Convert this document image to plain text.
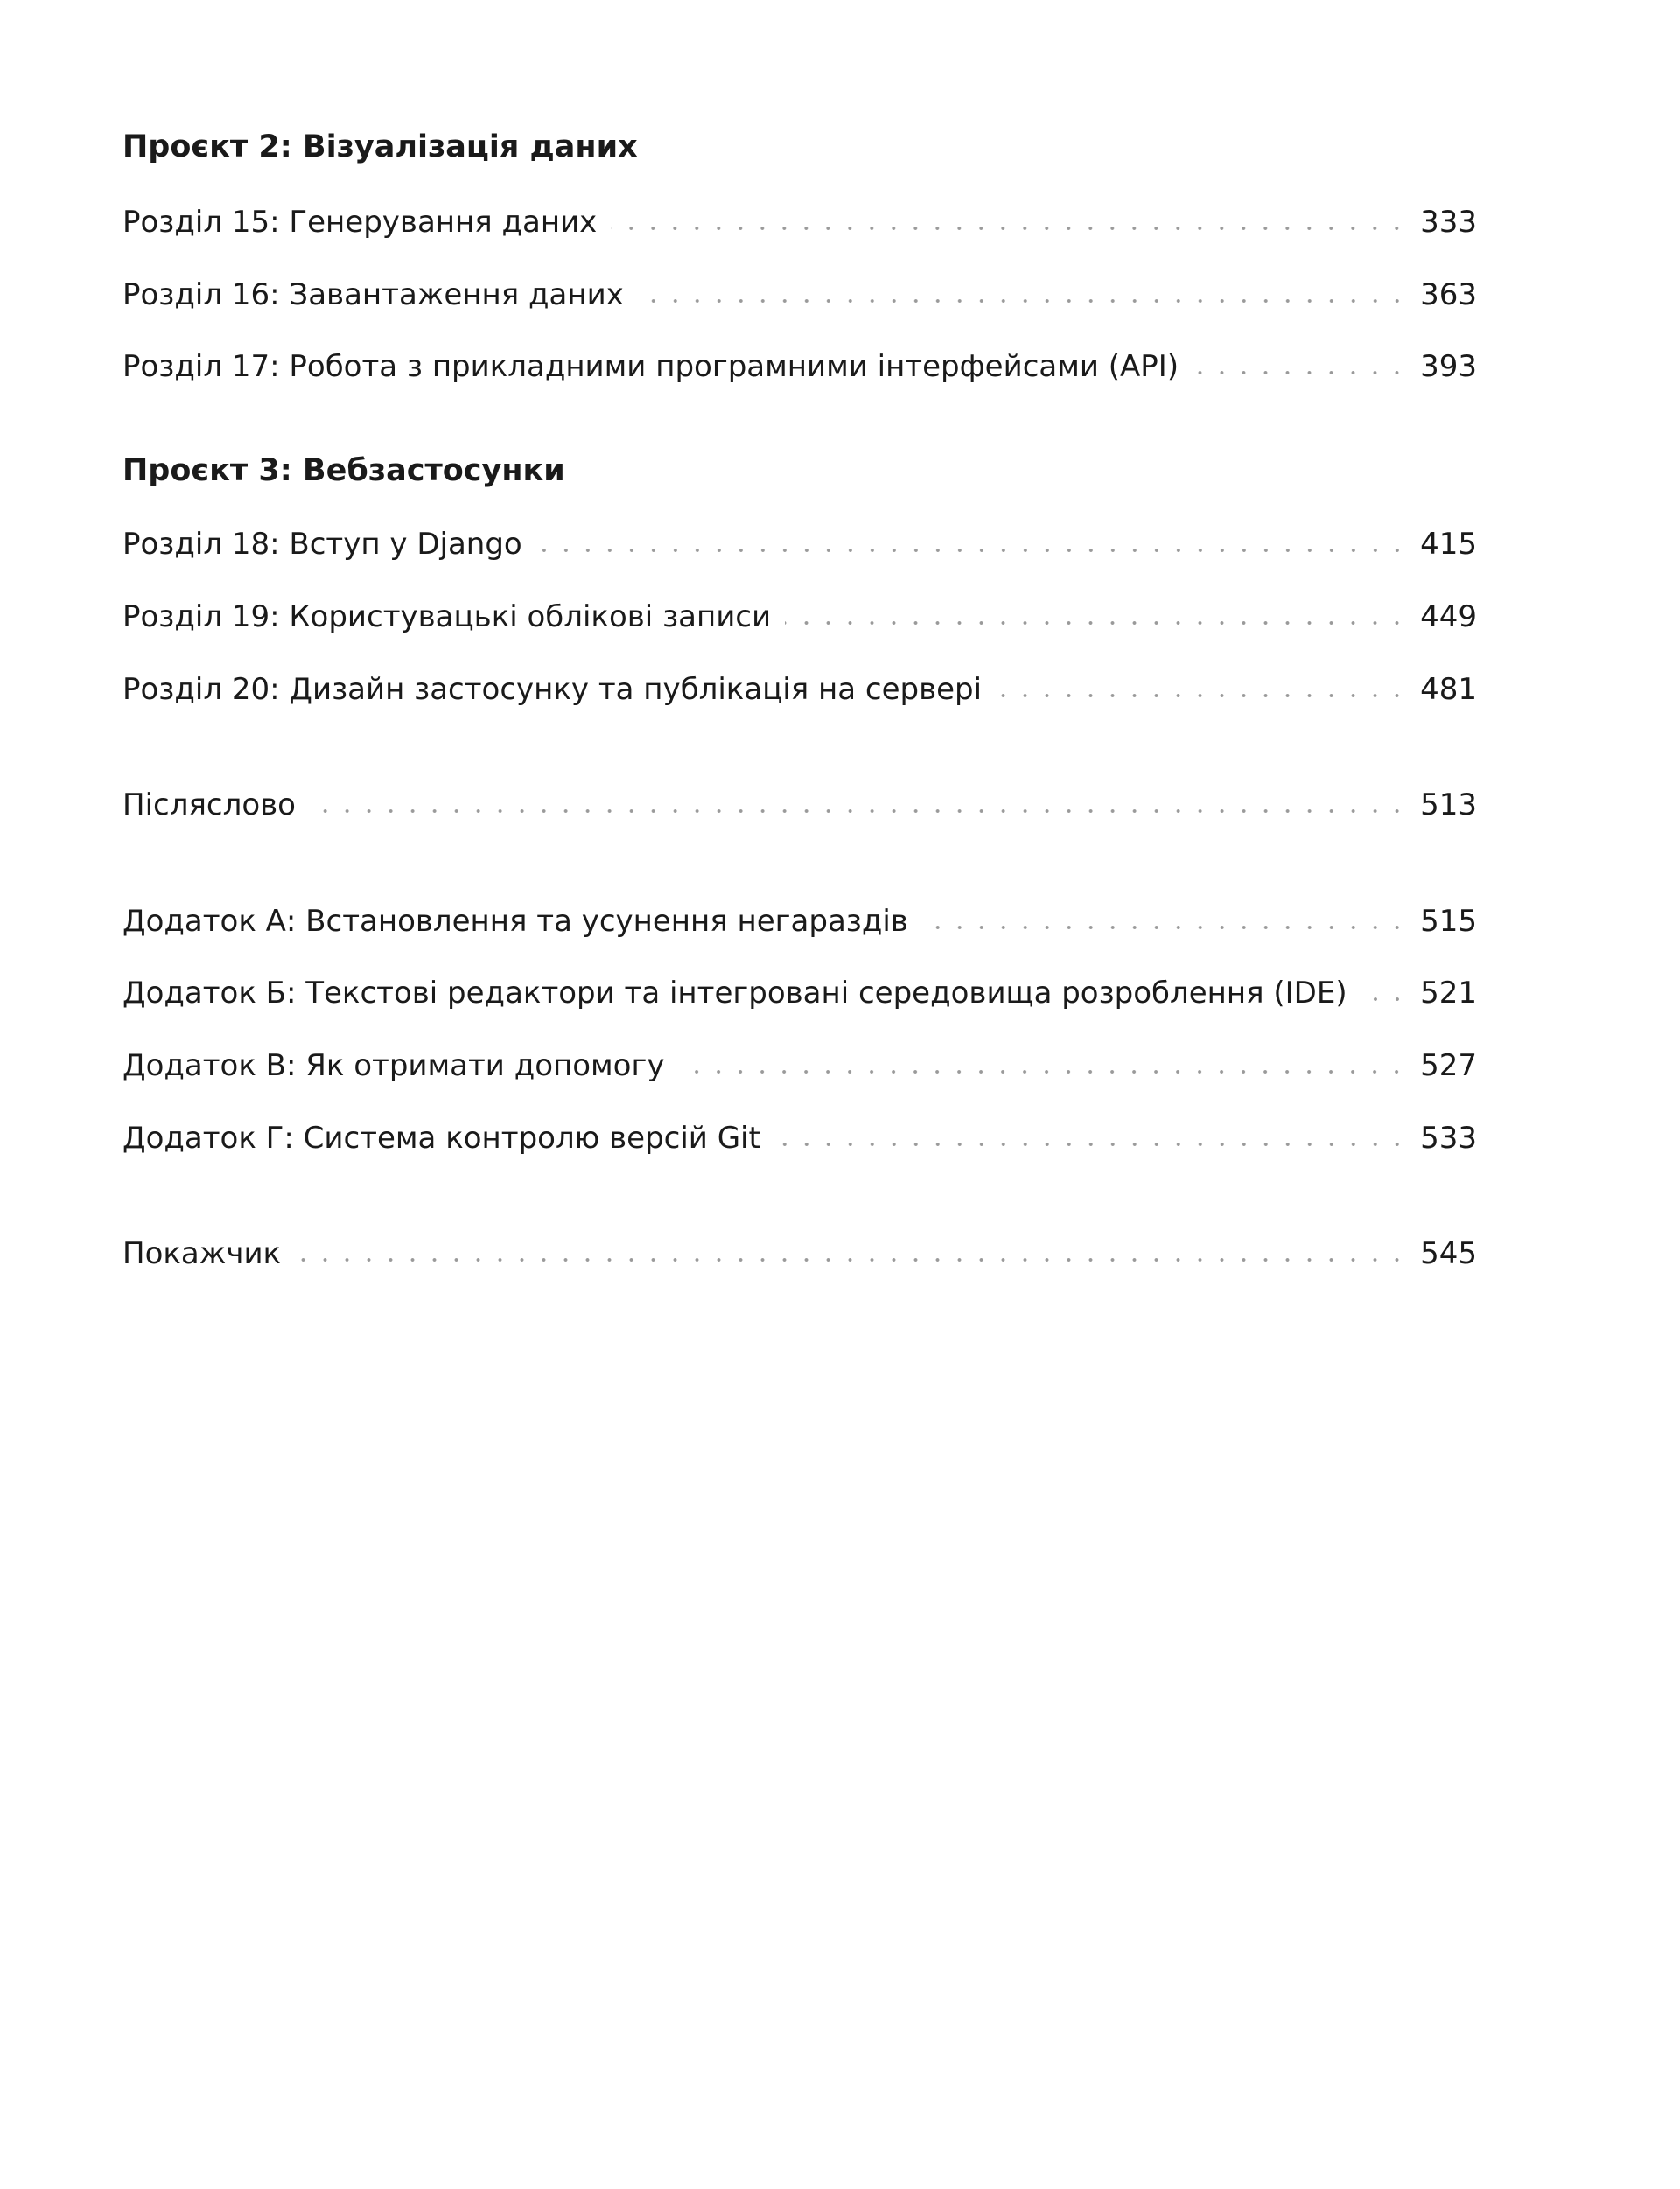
Проєкт 2: Візуалізація даних
Розділ 15: Генерування даних	333
Розділ 16: Завантаження даних	363
Розділ 17: Робота з прикладними програмними інтерфейсами (API)	393
Проєкт 3: Вебзастосунки
Розділ 18: Вступ у Django	415
Розділ 19: Користувацькі облікові записи	449
Розділ 20: Дизайн застосунку та публікація на сервері	481
Післяслово	513
Додаток А: Встановлення та усунення негараздів	515
Додаток Б: Текстові редактори та інтегровані середовища розроблення (IDE) 521
Додаток В: Як отримати допомогу	527
Додаток Г: Система контролю версій Git	533
Покажчик	545
